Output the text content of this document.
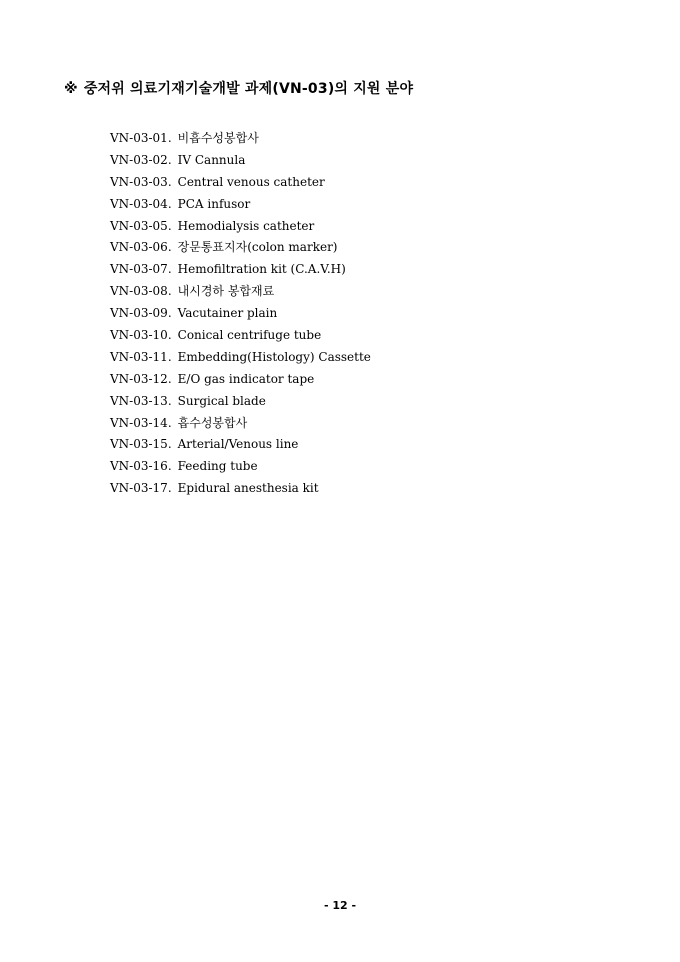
※ 중저위 의료기재기술개발 과제(VN-03)의 지원 분야
VN-03-01. 비흡수성봉합사
VN-03-02. IV Cannula
VN-03-03. Central venous catheter
VN-03-04. PCA infusor
VN-03-05. Hemodialysis catheter
VN-03-06. 장문통표지자(colon marker)
VN-03-07. Hemofiltration kit (C.A.V.H)
VN-03-08. 내시경하 봉합재료
VN-03-09. Vacutainer plain
VN-03-10. Conical centrifuge tube
VN-03-11. Embedding(Histology) Cassette
VN-03-12. E/O gas indicator tape
VN-03-13. Surgical blade
VN-03-14. 흡수성봉합사
VN-03-15. Arterial/Venous line
VN-03-16. Feeding tube
VN-03-17. Epidural anesthesia kit
- 12 -
